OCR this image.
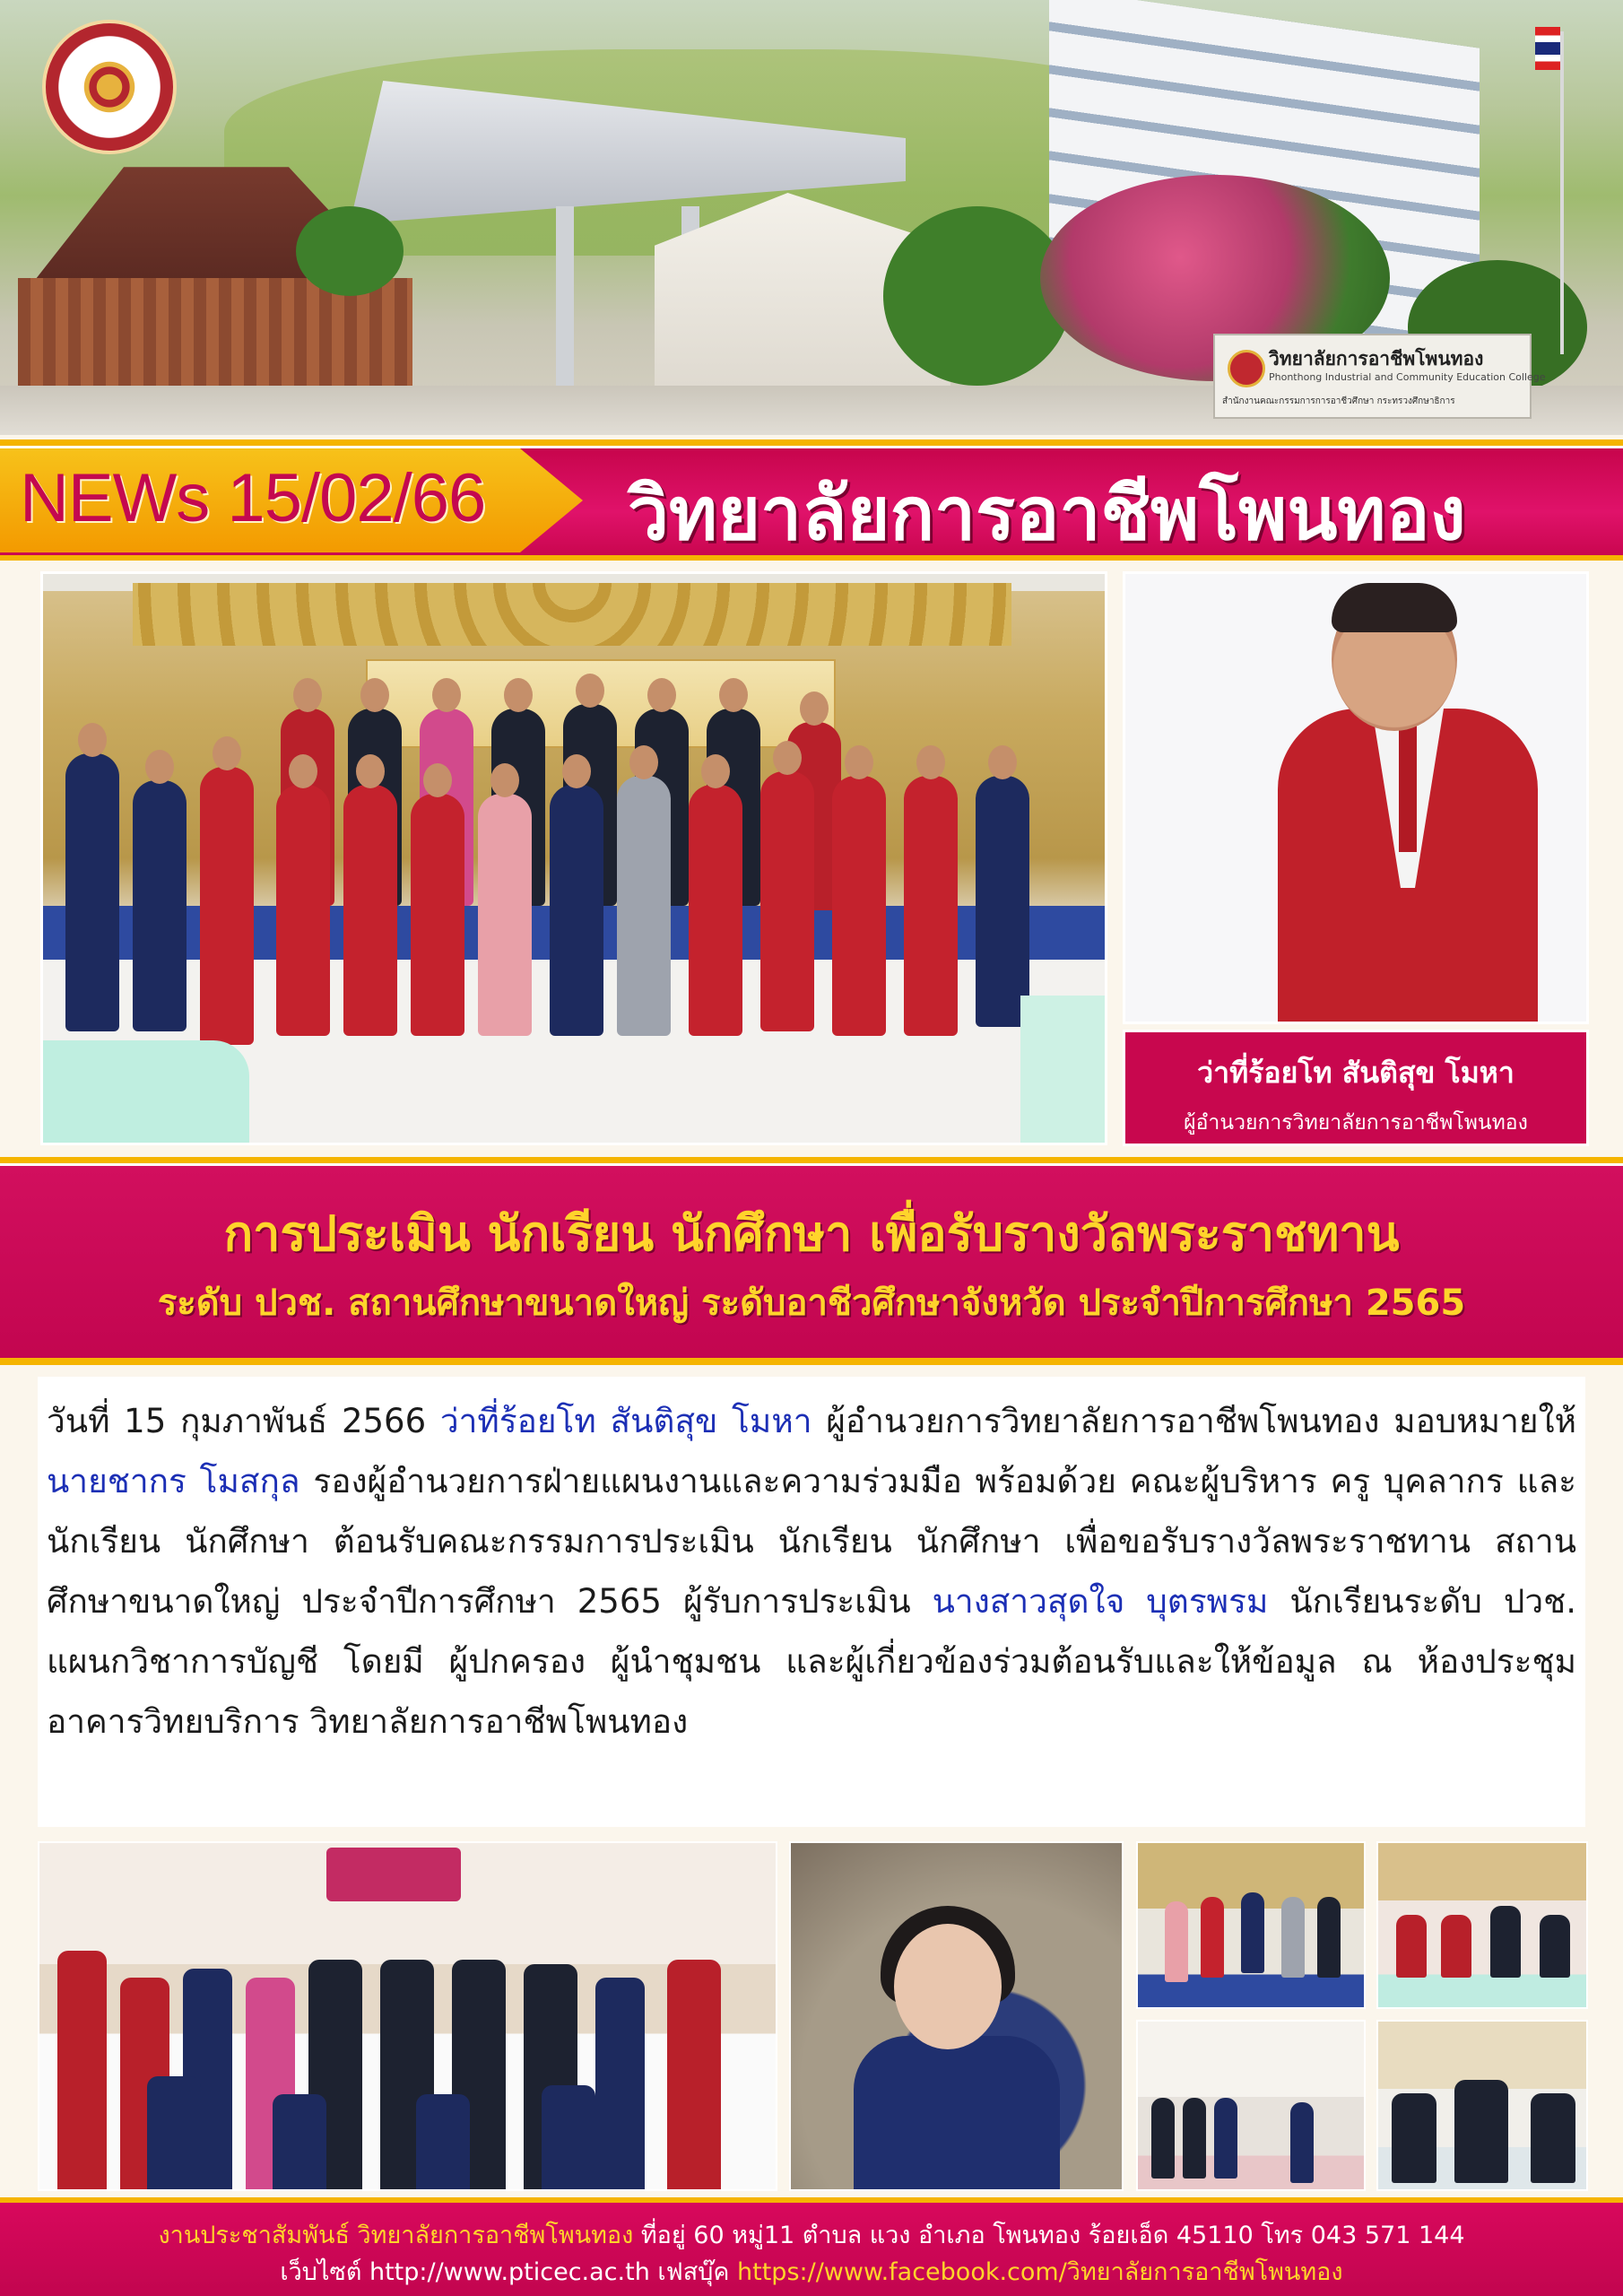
วิทยาลัยการอาชีพโพนทอง
Phonthong Industrial and Community Education College
สำนักงานคณะกรรมการการอาชีวศึกษา กระทรวงศึกษาธิการ
NEWs 15/02/66 วิทยาลัยการอาชีพโพนทอง
ว่าที่ร้อยโท สันติสุข โมหา
ผู้อำนวยการวิทยาลัยการอาชีพโพนทอง
การประเมิน นักเรียน นักศึกษา เพื่อรับรางวัลพระราชทาน
ระดับ ปวช. สถานศึกษาขนาดใหญ่ ระดับอาชีวศึกษาจังหวัด ประจำปีการศึกษา 2565

วันที่ 15 กุมภาพันธ์ 2566 ว่าที่ร้อยโท สันติสุข โมหา ผู้อำนวยการวิทยาลัยการอาชีพโพนทอง มอบหมายให้ นายชากร โมสกุล รองผู้อำนวยการฝ่ายแผนงานและความร่วมมือ พร้อมด้วย คณะผู้บริหาร ครู บุคลากร และนักเรียน นักศึกษา ต้อนรับคณะกรรมการประเมิน นักเรียน นักศึกษา เพื่อขอรับรางวัลพระราชทาน สถานศึกษาขนาดใหญ่ ประจำปีการศึกษา 2565 ผู้รับการประเมิน นางสาวสุดใจ บุตรพรม นักเรียนระดับ ปวช. แผนกวิชาการบัญชี โดยมี ผู้ปกครอง ผู้นำชุมชน และผู้เกี่ยวข้องร่วมต้อนรับและให้ข้อมูล ณ ห้องประชุมอาคารวิทยบริการ วิทยาลัยการอาชีพโพนทอง

งานประชาสัมพันธ์ วิทยาลัยการอาชีพโพนทอง ที่อยู่ 60 หมู่11 ตำบล แวง อำเภอ โพนทอง ร้อยเอ็ด 45110 โทร 043 571 144
เว็บไซต์ http://www.pticec.ac.th เฟสบุ๊ค https://www.facebook.com/วิทยาลัยการอาชีพโพนทอง
